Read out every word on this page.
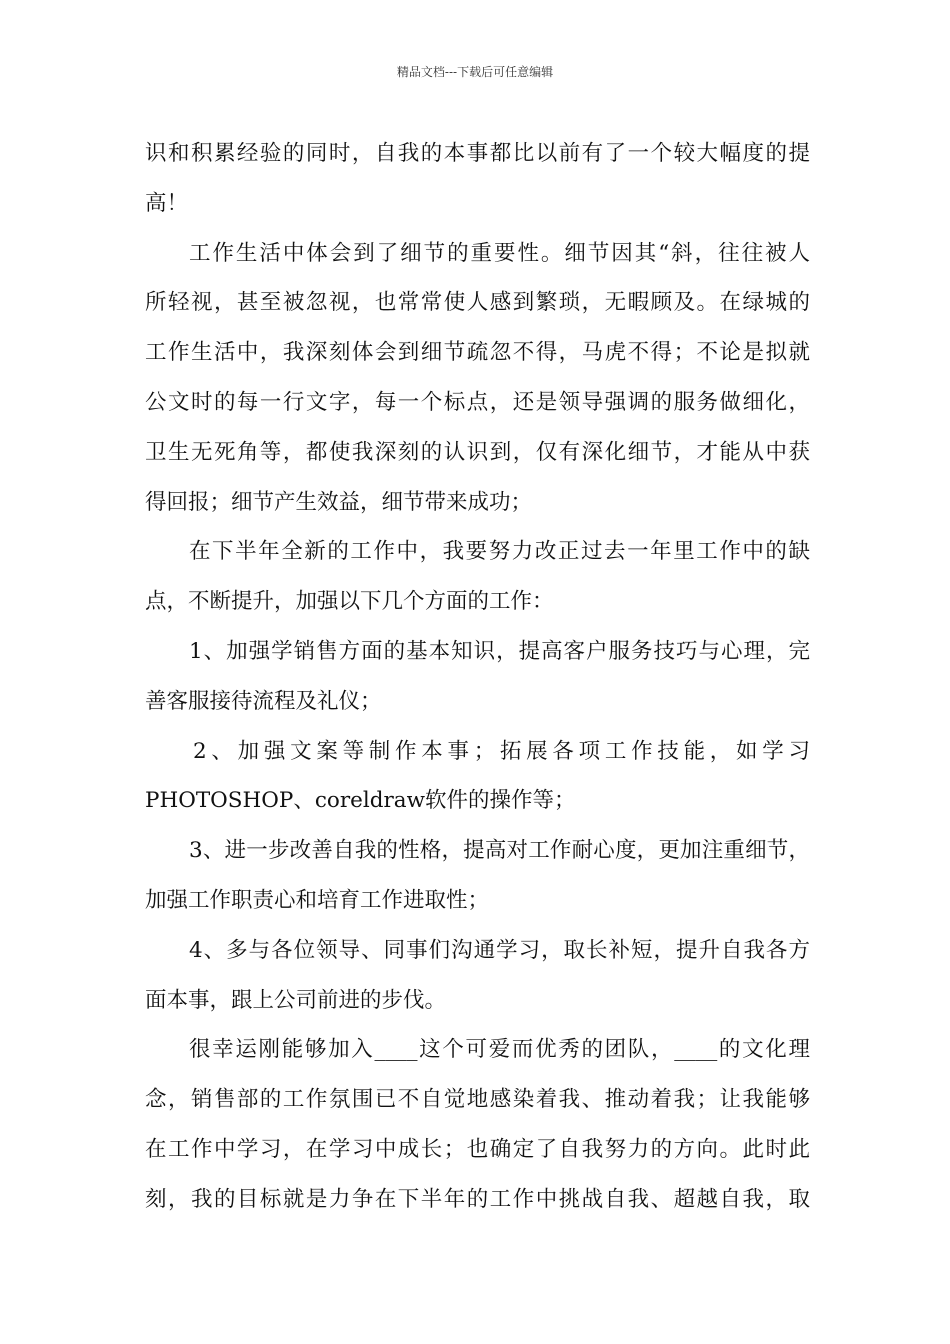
精品文档---下载后可任意编辑
识和积累经验的同时，自我的本事都比以前有了一个较大幅度的提
高！
工作生活中体会到了细节的重要性。细节因其“斜，往往被人
所轻视，甚至被忽视，也常常使人感到繁琐，无暇顾及。在绿城的
工作生活中，我深刻体会到细节疏忽不得，马虎不得；不论是拟就
公文时的每一行文字，每一个标点，还是领导强调的服务做细化，
卫生无死角等，都使我深刻的认识到，仅有深化细节，才能从中获
得回报；细节产生效益，细节带来成功；
在下半年全新的工作中，我要努力改正过去一年里工作中的缺
点，不断提升，加强以下几个方面的工作：
1、加强学销售方面的基本知识，提高客户服务技巧与心理，完
善客服接待流程及礼仪；
2、加强文案等制作本事；拓展各项工作技能，如学习
PHOTOSHOP、coreldraw软件的操作等；
3、进一步改善自我的性格，提高对工作耐心度，更加注重细节，
加强工作职责心和培育工作进取性；
4、多与各位领导、同事们沟通学习，取长补短，提升自我各方
面本事，跟上公司前进的步伐。
很幸运刚能够加入____这个可爱而优秀的团队，____的文化理
念，销售部的工作氛围已不自觉地感染着我、推动着我；让我能够
在工作中学习，在学习中成长；也确定了自我努力的方向。此时此
刻，我的目标就是力争在下半年的工作中挑战自我、超越自我，取
